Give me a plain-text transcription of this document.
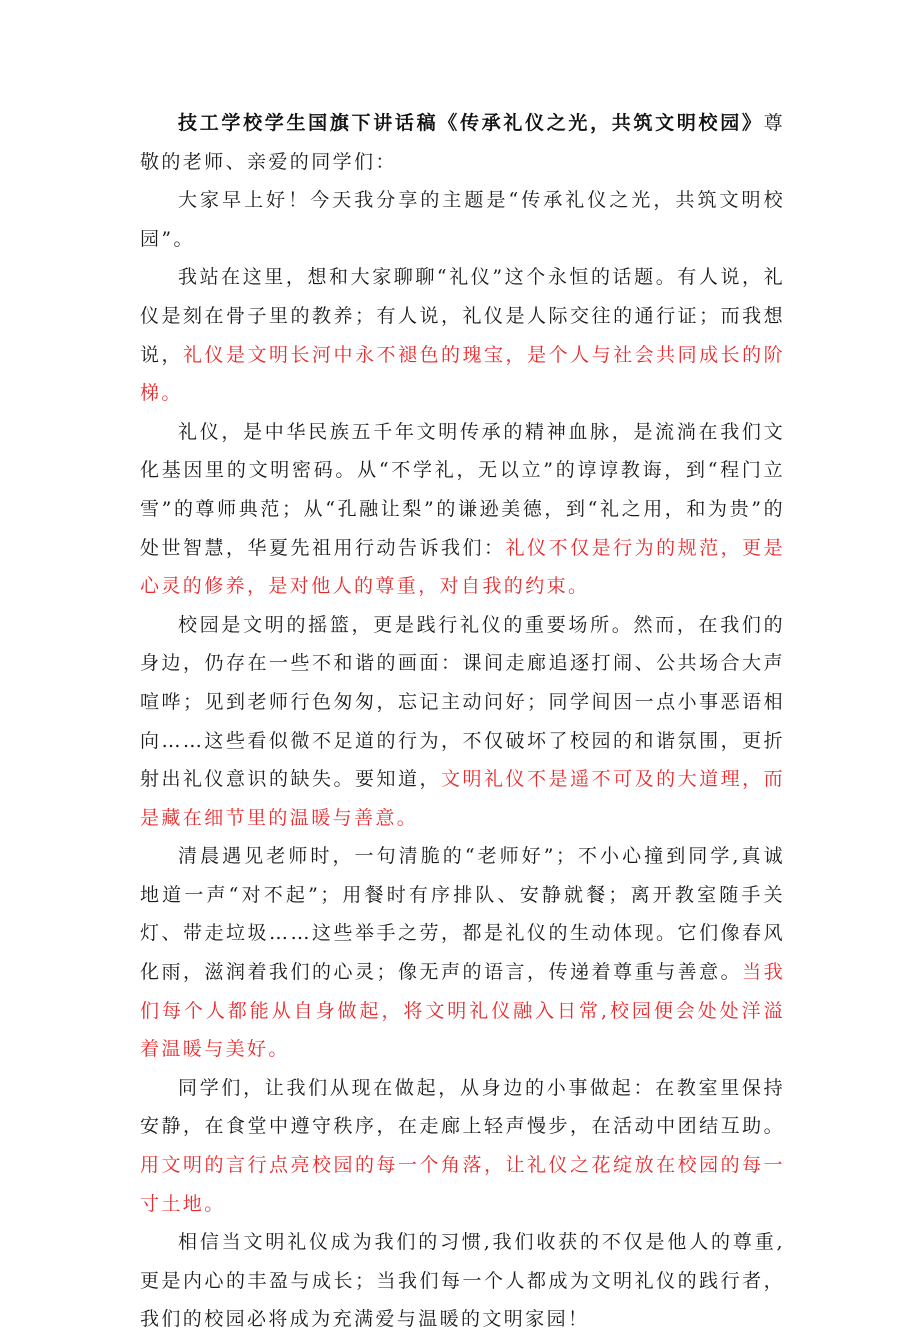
技工学校学生国旗下讲话稿《传承礼仪之光，共筑文明校园》尊敬的老师、亲爱的同学们：

大家早上好！今天我分享的主题是“传承礼仪之光，共筑文明校园”。

我站在这里，想和大家聊聊“礼仪”这个永恒的话题。有人说，礼仪是刻在骨子里的教养；有人说，礼仪是人际交往的通行证；而我想说，礼仪是文明长河中永不褪色的瑰宝，是个人与社会共同成长的阶梯。

礼仪，是中华民族五千年文明传承的精神血脉，是流淌在我们文化基因里的文明密码。从“不学礼，无以立”的谆谆教诲，到“程门立雪”的尊师典范；从“孔融让梨”的谦逊美德，到“礼之用，和为贵”的处世智慧，华夏先祖用行动告诉我们：礼仪不仅是行为的规范，更是心灵的修养，是对他人的尊重，对自我的约束。

校园是文明的摇篮，更是践行礼仪的重要场所。然而，在我们的身边，仍存在一些不和谐的画面：课间走廊追逐打闹、公共场合大声喧哗；见到老师行色匆匆，忘记主动问好；同学间因一点小事恶语相向……这些看似微不足道的行为，不仅破坏了校园的和谐氛围，更折射出礼仪意识的缺失。要知道，文明礼仪不是遥不可及的大道理，而是藏在细节里的温暖与善意。

清晨遇见老师时，一句清脆的“老师好”；不小心撞到同学,真诚地道一声“对不起”；用餐时有序排队、安静就餐；离开教室随手关灯、带走垃圾……这些举手之劳，都是礼仪的生动体现。它们像春风化雨，滋润着我们的心灵；像无声的语言，传递着尊重与善意。当我们每个人都能从自身做起，将文明礼仪融入日常,校园便会处处洋溢着温暖与美好。

同学们，让我们从现在做起，从身边的小事做起：在教室里保持安静，在食堂中遵守秩序，在走廊上轻声慢步，在活动中团结互助。用文明的言行点亮校园的每一个角落，让礼仪之花绽放在校园的每一寸土地。

相信当文明礼仪成为我们的习惯,我们收获的不仅是他人的尊重,更是内心的丰盈与成长；当我们每一个人都成为文明礼仪的践行者，我们的校园必将成为充满爱与温暖的文明家园！
